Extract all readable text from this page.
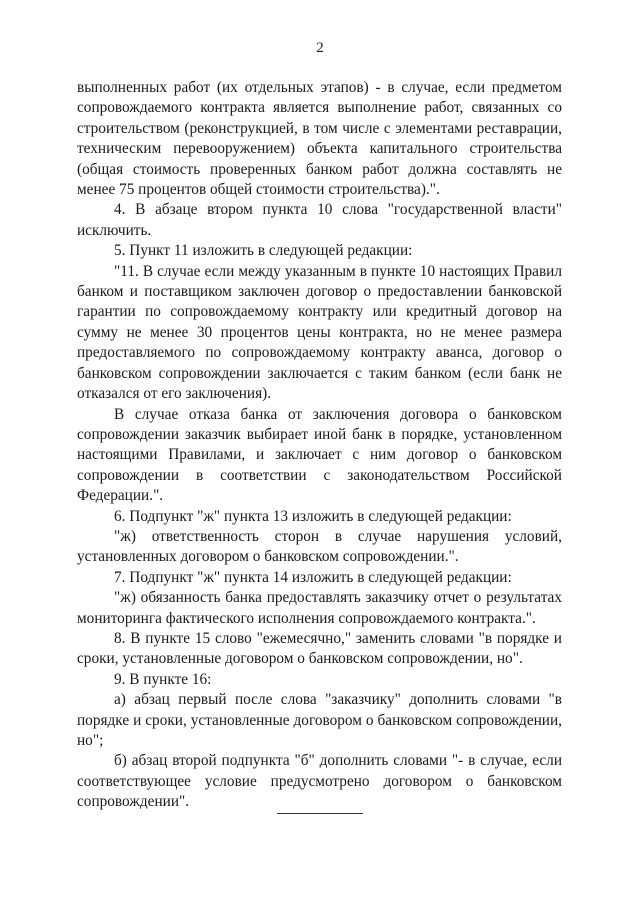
2

выполненных работ (их отдельных этапов) - в случае, если предметом сопровождаемого контракта является выполнение работ, связанных со строительством (реконструкцией, в том числе с элементами реставрации, техническим перевооружением) объекта капитального строительства (общая стоимость проверенных банком работ должна составлять не менее 75 процентов общей стоимости строительства).".

4. В абзаце втором пункта 10 слова "государственной власти" исключить.

5. Пункт 11 изложить в следующей редакции:

"11. В случае если между указанным в пункте 10 настоящих Правил банком и поставщиком заключен договор о предоставлении банковской гарантии по сопровождаемому контракту или кредитный договор на сумму не менее 30 процентов цены контракта, но не менее размера предоставляемого по сопровождаемому контракту аванса, договор о банковском сопровождении заключается с таким банком (если банк не отказался от его заключения).

В случае отказа банка от заключения договора о банковском сопровождении заказчик выбирает иной банк в порядке, установленном настоящими Правилами, и заключает с ним договор о банковском сопровождении в соответствии с законодательством Российской Федерации.".

6. Подпункт "ж" пункта 13 изложить в следующей редакции:

"ж) ответственность сторон в случае нарушения условий, установленных договором о банковском сопровождении.".

7. Подпункт "ж" пункта 14 изложить в следующей редакции:

"ж) обязанность банка предоставлять заказчику отчет о результатах мониторинга фактического исполнения сопровождаемого контракта.".

8. В пункте 15 слово "ежемесячно," заменить словами "в порядке и сроки, установленные договором о банковском сопровождении, но".

9. В пункте 16:

а) абзац первый после слова "заказчику" дополнить словами "в порядке и сроки, установленные договором о банковском сопровождении, но";

б) абзац второй подпункта "б" дополнить словами "- в случае, если соответствующее условие предусмотрено договором о банковском сопровождении".
